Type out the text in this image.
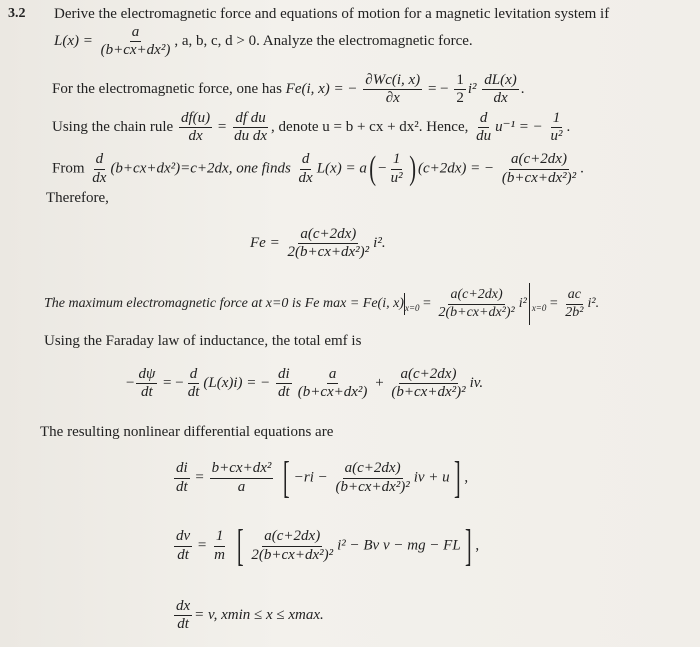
3.2 Derive the electromagnetic force and equations of motion for a magnetic levitation system if
$L(x) = \frac{a}{\text{(b+cx+dx²)}}$ , a, b, c, d > 0. Analyze the electromagnetic force.
For the electromagnetic force, one has Fe(i, x) = − $\frac{\partial Wc(i, x)}{\partial x}$ = − $\frac{1}{2} i^2 \frac{dL(x)}{dx}$ .
Using the chain rule $\frac{df(u)}{dx} = \frac{\text{df du}}{\text{du dx}}$ , denote u = b + cx + dx². Hence, $\frac{d}{du} u^{-1}$ = − $\frac{1}{\text{u²}}$ .
From $\frac{d}{dx} (b+cx+dx^2)=c+2dx$, one finds $\frac{d}{dx} L(x) = a( - \frac{1}{\text{u²}}$ ) (c+2dx) = − $\frac{a(c+2dx)}{\text{(b+cx+dx²)²}}$ .
Therefore,
$Fe = \frac{a(c+2dx)}{\text{2(b+cx+dx²)²}} i^2$.
The maximum electromagnetic force at x=0 is Fe max = Fe(i, $x)_{x=0} = \frac{a(c+2dx)}{\text{2(b+cx+dx²)²}} i^2$ $_{x=0} = \frac{ac}{\text{2b²}} i^2$.
Using the Faraday law of inductance, the total emf is
− $\frac{d\psi}{dt}$ = − $\frac{d}{dt} (L(x)i)$ = − $\frac{di}{dt} \frac{a}{\text{(b+cx+dx²)}} + \frac{a(c+2dx)}{\text{(b+cx+dx²)²}}$ iv.
The resulting nonlinear differential equations are
$\frac{di}{dt} = \frac{\text{b+cx+dx²}}{a}$ [ $-ri - \frac{a(c+2dx)}{\text{(b+cx+dx²)²}}$ iv + u] ,
$\frac{dv}{dt} = \frac{1}{m}$ [ $\frac{a(c+2dx)}{\text{2(b+cx+dx²)²}} i^2 - Bv$ v − mg − FL] ,
$\frac{dx}{dt} = v$, xmin ≤ x ≤ xmax.
